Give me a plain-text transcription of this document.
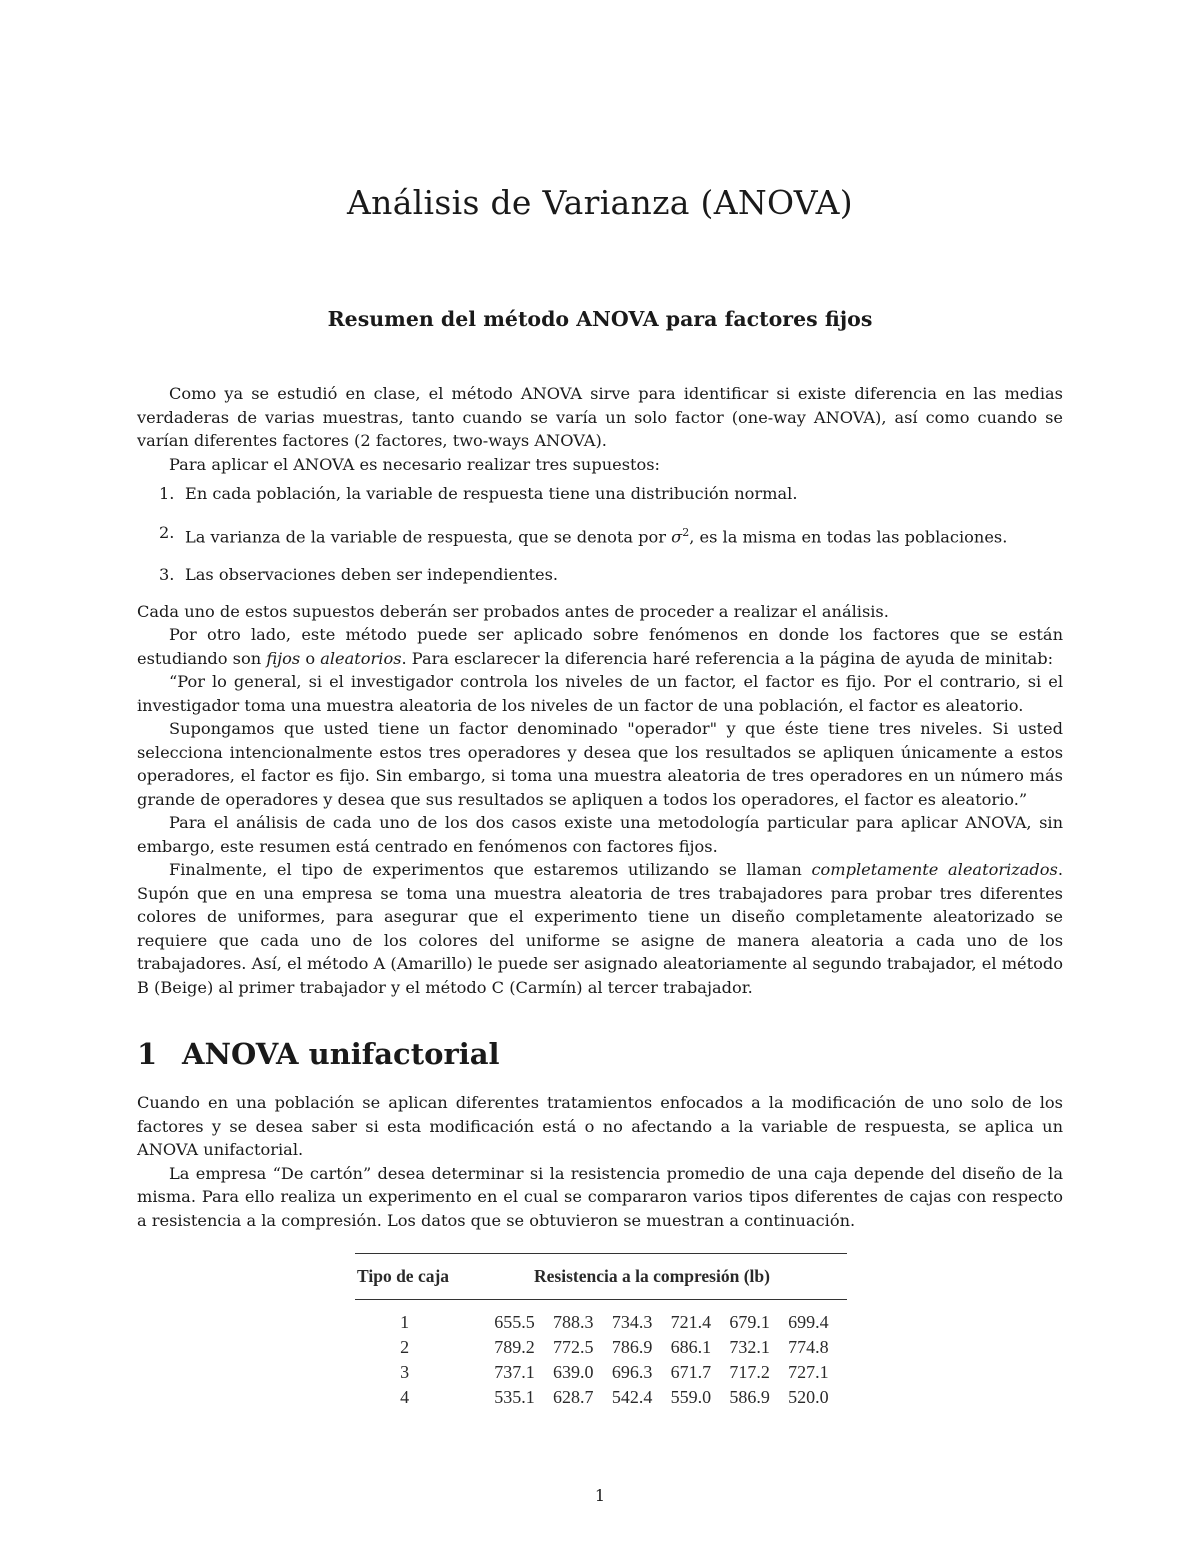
Análisis de Varianza (ANOVA)
Resumen del método ANOVA para factores fijos

Como ya se estudió en clase, el método ANOVA sirve para identificar si existe diferencia en las medias verdaderas de varias muestras, tanto cuando se varía un solo factor (one-way ANOVA), así como cuando se varían diferentes factores (2 factores, two-ways ANOVA).

Para aplicar el ANOVA es necesario realizar tres supuestos:

1. En cada población, la variable de respuesta tiene una distribución normal.
2. La varianza de la variable de respuesta, que se denota por $\sigma^2$, es la misma en todas las poblaciones.
3. Las observaciones deben ser independientes.

Cada uno de estos supuestos deberán ser probados antes de proceder a realizar el análisis.

Por otro lado, este método puede ser aplicado sobre fenómenos en donde los factores que se están estudiando son fijos o aleatorios. Para esclarecer la diferencia haré referencia a la página de ayuda de minitab:

“Por lo general, si el investigador controla los niveles de un factor, el factor es fijo. Por el contrario, si el investigador toma una muestra aleatoria de los niveles de un factor de una población, el factor es aleatorio.

Supongamos que usted tiene un factor denominado "operador" y que éste tiene tres niveles. Si usted selecciona intencionalmente estos tres operadores y desea que los resultados se apliquen únicamente a estos operadores, el factor es fijo. Sin embargo, si toma una muestra aleatoria de tres operadores en un número más grande de operadores y desea que sus resultados se apliquen a todos los operadores, el factor es aleatorio.”

Para el análisis de cada uno de los dos casos existe una metodología particular para aplicar ANOVA, sin embargo, este resumen está centrado en fenómenos con factores fijos.

Finalmente, el tipo de experimentos que estaremos utilizando se llaman completamente aleatorizados. Supón que en una empresa se toma una muestra aleatoria de tres trabajadores para probar tres diferentes colores de uniformes, para asegurar que el experimento tiene un diseño completamente aleatorizado se requiere que cada uno de los colores del uniforme se asigne de manera aleatoria a cada uno de los trabajadores. Así, el método A (Amarillo) le puede ser asignado aleatoriamente al segundo trabajador, el método B (Beige) al primer trabajador y el método C (Carmín) al tercer trabajador.

1 ANOVA unifactorial

Cuando en una población se aplican diferentes tratamientos enfocados a la modificación de uno solo de los factores y se desea saber si esta modificación está o no afectando a la variable de respuesta, se aplica un ANOVA unifactorial.

La empresa “De cartón” desea determinar si la resistencia promedio de una caja depende del diseño de la misma. Para ello realiza un experimento en el cual se compararon varios tipos diferentes de cajas con respecto a resistencia a la compresión. Los datos que se obtuvieron se muestran a continuación.

Tipo de caja	Resistencia a la compresión (lb)
1	655.5	788.3	734.3	721.4	679.1	699.4
2	789.2	772.5	786.9	686.1	732.1	774.8
3	737.1	639.0	696.3	671.7	717.2	727.1
4	535.1	628.7	542.4	559.0	586.9	520.0
1
